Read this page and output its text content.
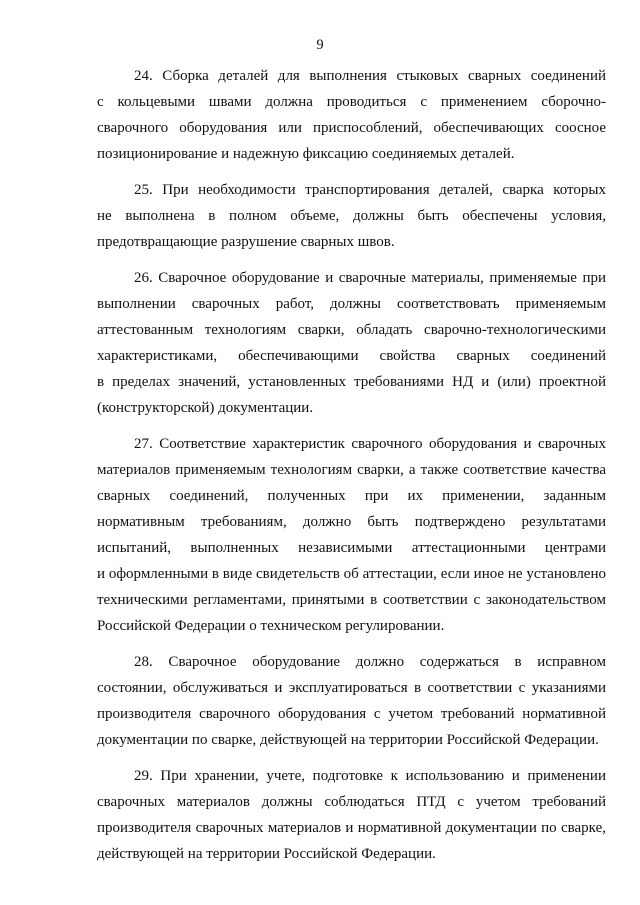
9
24. Сборка деталей для выполнения стыковых сварных соединений
с кольцевыми швами должна проводиться с применением сборочно-
сварочного оборудования или приспособлений, обеспечивающих соосное
позиционирование и надежную фиксацию соединяемых деталей.
25. При необходимости транспортирования деталей, сварка которых
не выполнена в полном объеме, должны быть обеспечены условия,
предотвращающие разрушение сварных швов.
26. Сварочное оборудование и сварочные материалы, применяемые при
выполнении сварочных работ, должны соответствовать применяемым
аттестованным технологиям сварки, обладать сварочно-технологическими
характеристиками, обеспечивающими свойства сварных соединений
в пределах значений, установленных требованиями НД и (или) проектной
(конструкторской) документации.
27. Соответствие характеристик сварочного оборудования и сварочных
материалов применяемым технологиям сварки, а также соответствие качества
сварных соединений, полученных при их применении, заданным
нормативным требованиям, должно быть подтверждено результатами
испытаний, выполненных независимыми аттестационными центрами
и оформленными в виде свидетельств об аттестации, если иное не установлено
техническими регламентами, принятыми в соответствии с законодательством
Российской Федерации о техническом регулировании.
28. Сварочное оборудование должно содержаться в исправном
состоянии, обслуживаться и эксплуатироваться в соответствии с указаниями
производителя сварочного оборудования с учетом требований нормативной
документации по сварке, действующей на территории Российской Федерации.
29. При хранении, учете, подготовке к использованию и применении
сварочных материалов должны соблюдаться ПТД с учетом требований
производителя сварочных материалов и нормативной документации по сварке,
действующей на территории Российской Федерации.
